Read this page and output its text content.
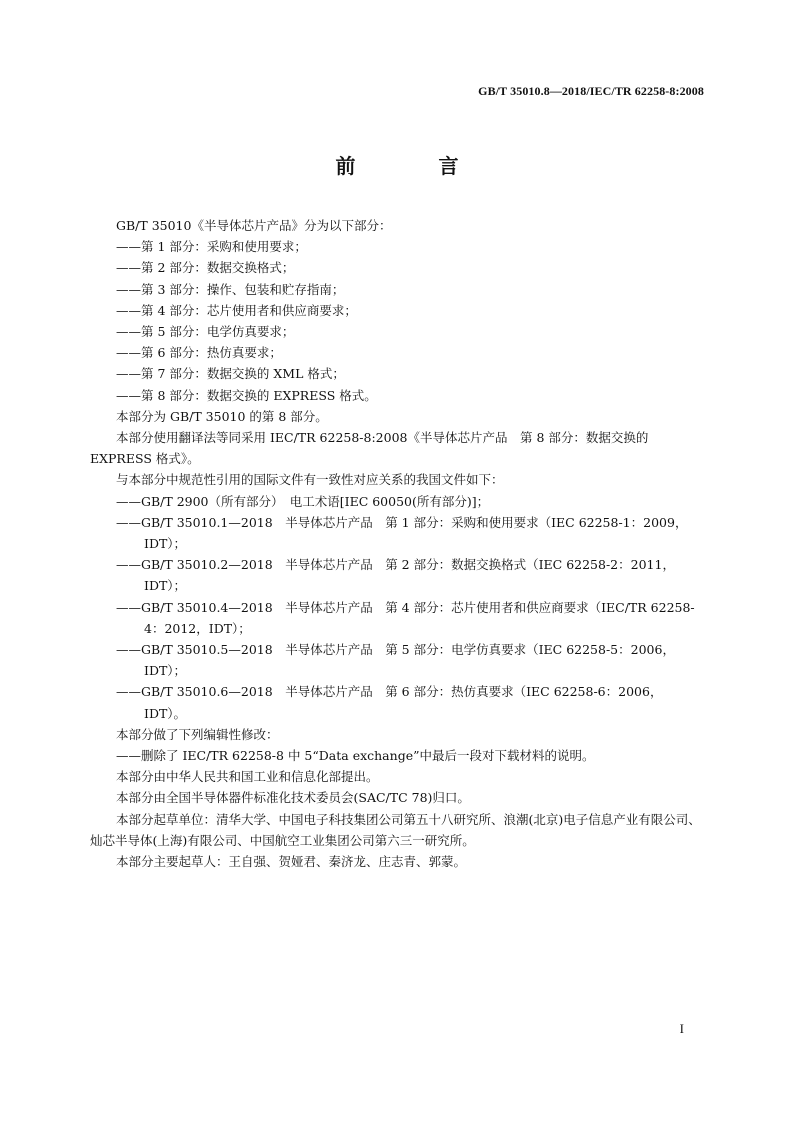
GB/T 35010.8—2018/IEC/TR 62258-8:2008
前 言

GB/T 35010《半导体芯片产品》分为以下部分：

——第 1 部分：采购和使用要求；

——第 2 部分：数据交换格式；

——第 3 部分：操作、包装和贮存指南；

——第 4 部分：芯片使用者和供应商要求；

——第 5 部分：电学仿真要求；

——第 6 部分：热仿真要求；

——第 7 部分：数据交换的 XML 格式；

——第 8 部分：数据交换的 EXPRESS 格式。

本部分为 GB/T 35010 的第 8 部分。

本部分使用翻译法等同采用 IEC/TR 62258-8:2008《半导体芯片产品　第 8 部分：数据交换的 EXPRESS 格式》。

与本部分中规范性引用的国际文件有一致性对应关系的我国文件如下：

——GB/T 2900（所有部分）　电工术语[IEC 60050(所有部分)]；

——GB/T 35010.1—2018　半导体芯片产品　第 1 部分：采购和使用要求（IEC 62258-1：2009，IDT）；

——GB/T 35010.2—2018　半导体芯片产品　第 2 部分：数据交换格式（IEC 62258-2：2011，IDT）；

——GB/T 35010.4—2018　半导体芯片产品　第 4 部分：芯片使用者和供应商要求（IEC/TR 62258-4：2012，IDT）；

——GB/T 35010.5—2018　半导体芯片产品　第 5 部分：电学仿真要求（IEC 62258-5：2006，IDT）；

——GB/T 35010.6—2018　半导体芯片产品　第 6 部分：热仿真要求（IEC 62258-6：2006，IDT）。

本部分做了下列编辑性修改：

——删除了 IEC/TR 62258-8 中 5“Data exchange”中最后一段对下载材料的说明。

本部分由中华人民共和国工业和信息化部提出。

本部分由全国半导体器件标准化技术委员会(SAC/TC 78)归口。

本部分起草单位：清华大学、中国电子科技集团公司第五十八研究所、浪潮(北京)电子信息产业有限公司、灿芯半导体(上海)有限公司、中国航空工业集团公司第六三一研究所。

本部分主要起草人：王自强、贺娅君、秦济龙、庄志青、郭蒙。

I
